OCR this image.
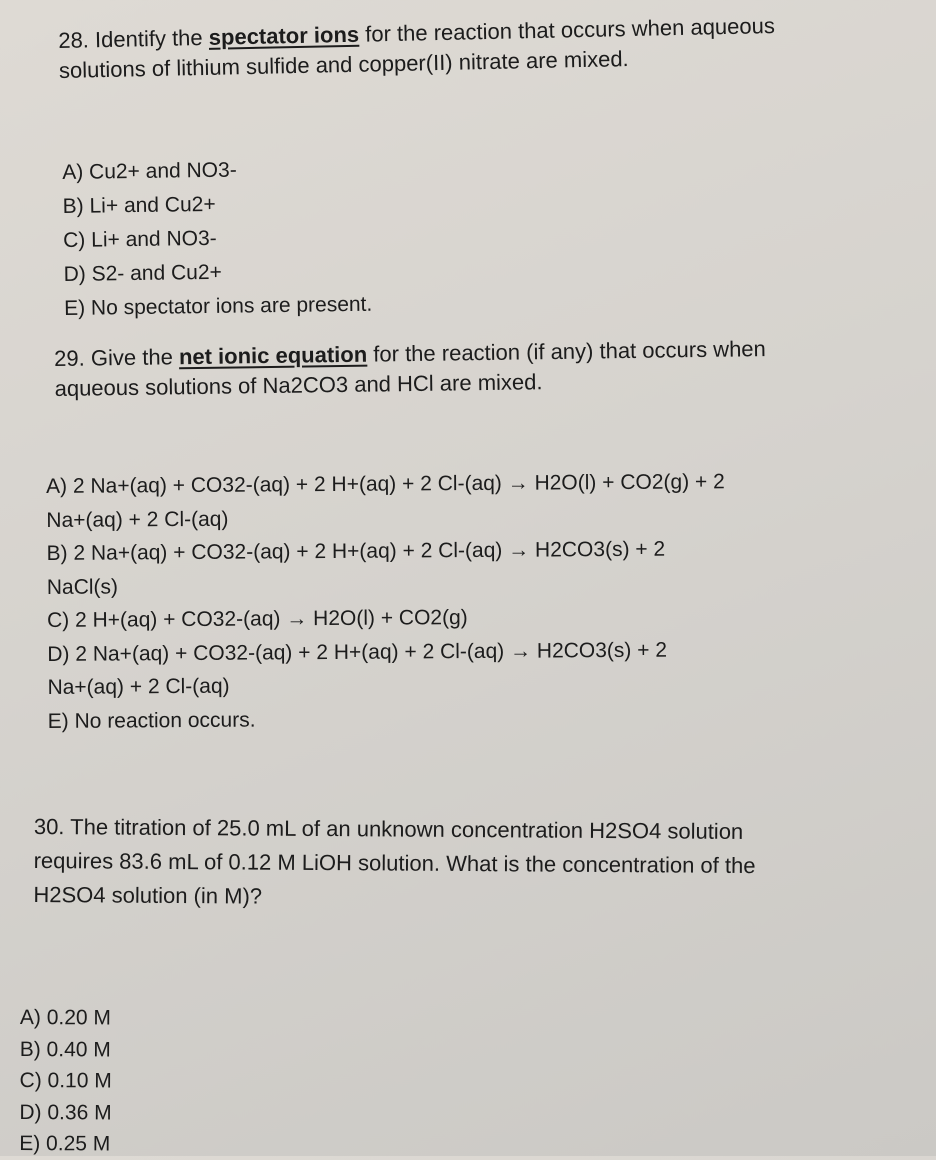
28. Identify the spectator ions for the reaction that occurs when aqueous
solutions of lithium sulfide and copper(II) nitrate are mixed.
A) Cu2+ and NO3-
B) Li+ and Cu2+
C) Li+ and NO3-
D) S2- and Cu2+
E) No spectator ions are present.
29. Give the net ionic equation for the reaction (if any) that occurs when
aqueous solutions of Na2CO3 and HCl are mixed.
A) 2 Na+(aq) + CO32-(aq) + 2 H+(aq) + 2 Cl-(aq) → H2O(l) + CO2(g) + 2
Na+(aq) + 2 Cl-(aq)
B) 2 Na+(aq) + CO32-(aq) + 2 H+(aq) + 2 Cl-(aq) → H2CO3(s) + 2
NaCl(s)
C) 2 H+(aq) + CO32-(aq) → H2O(l) + CO2(g)
D) 2 Na+(aq) + CO32-(aq) + 2 H+(aq) + 2 Cl-(aq) → H2CO3(s) + 2
Na+(aq) + 2 Cl-(aq)
E) No reaction occurs.
30. The titration of 25.0 mL of an unknown concentration H2SO4 solution
requires 83.6 mL of 0.12 M LiOH solution. What is the concentration of the
H2SO4 solution (in M)?
A) 0.20 M
B) 0.40 M
C) 0.10 M
D) 0.36 M
E) 0.25 M
